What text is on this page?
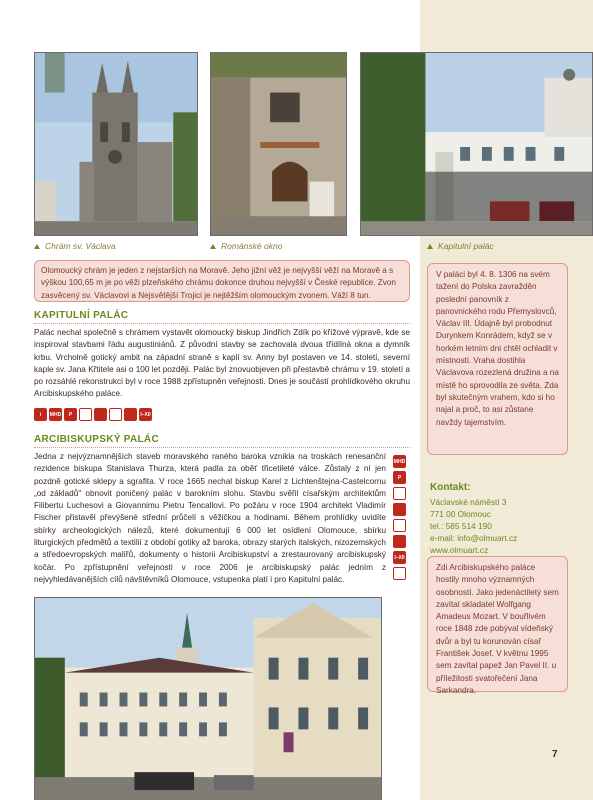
Chrám sv. Václava	Románské okno	Kapitulní palác
Olomoucký chrám je jeden z nejstarších na Moravě. Jeho jižní věž je nejvyšší věží na Moravě a s výškou 100,65 m je po věži plzeňského chrámu dokonce druhou nejvyšší v České republice. Zvon zasvěcený sv. Václavovi a Nejsvětější Trojici je nejtěžším olomouckým zvonem. Váží 8 tun.
KAPITULNÍ PALÁC
Palác nechal společně s chrámem vystavět olomoucký biskup Jindřich Zdík po křížové výpravě, kde se inspiroval stavbami řádu augustiniánů. Z původní stavby se zachovala dvoua třídílná okna a dymník krbu. Vrcholně gotický ambit na západní straně s kaplí sv. Anny byl postaven ve 14. století, severní kaple sv. Jana Křtitele asi o 100 let později. Palác byl znovuobjeven při přestavbě chrámu v 19. století a po rozsáhlé rekonstrukci byl v roce 1988 zpřístupněn veřejnosti. Dnes je součástí prohlídkového okruhu Arcibiskupského paláce.
i	MHD	P	I–XII
ARCIBISKUPSKÝ PALÁC
Jedna z nejvýznamnějších staveb moravského raného baroka vznikla na troskách renesanční rezidence biskupa Stanislava Thurza, která padla za oběť třicetileté válce. Zůstaly z ní jen pozdně gotické sklepy a sgrafita. V roce 1665 nechal biskup Karel z Lichtenštejna-Castelcornu „od základů" obnovit poničený palác v barokním slohu. Stavbu svěřil císařským architektům Filibertu Luchesovi a Giovannimu Pietru Tencallovi. Po požáru v roce 1904 architekt Vladimír Fischer přistavěl převýšené střední průčelí s věžičkou a hodinami. Během prohlídky uvidíte sbírky archeologických nálezů, které dokumentují 6 000 let osídlení Olomouce, sbírku liturgických předmětů a textilií z období gotiky až baroka, obrazy starých italských, nizozemských a středoevropských malířů, dokumenty o historii Arcibiskupství a zrestaurovaný arcibiskupský kočár. Po zpřístupnění veřejnosti v roce 2006 je arcibiskupský palác jedním z nejvyhledávanějších cílů návštěvníků Olomouce, vstupenka platí i pro Kapitulní palác.
MHD
P
I–XII
V paláci byl 4. 8. 1306 na svém tažení do Polska zavražděn poslední panovník z panovnického rodu Přemyslovců, Václav III. Údajně byl probodnut Durynkem Konrádem, když se v horkém letním dni chtěl ochladit v místnosti. Vraha dostihla Václavova rozezlená družina a na místě ho sprovodila ze světa. Zda byl skutečným vrahem, kdo si ho najal a proč, to asi zůstane navždy tajemstvím.
Kontakt:
Václavské náměstí 3
771 00 Olomouc
tel.: 585 514 190
e-mail: info@olmuart.cz
www.olmuart.cz
Zdi Arcibiskupského paláce hostily mnoho významných osobností. Jako jedenáctiletý sem zavítal skladatel Wolfgang Amadeus Mozart. V bouřlivém roce 1848 zde pobýval vídeňský dvůr a byl tu korunován císař František Josef. V květnu 1995 sem zavítal papež Jan Pavel II. u příležitosti svatořečení Jana Sarkandra.
7
